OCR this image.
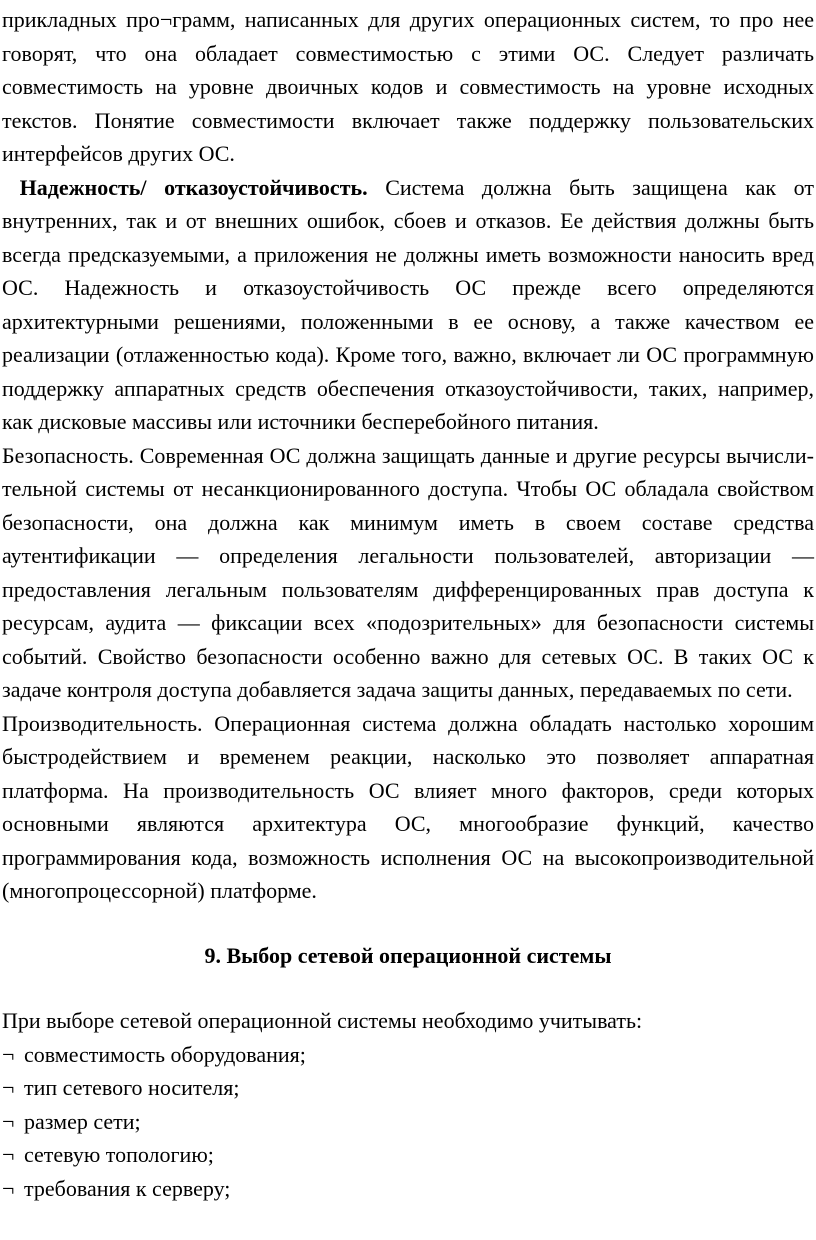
прикладных про¬грамм, написанных для других операционных систем, то про нее говорят, что она обладает совместимостью с этими ОС. Следует различать совместимость на уровне двоичных кодов и совместимость на уровне исходных текстов. Понятие совместимости включает также поддержку пользовательских интерфейсов других ОС.

Надежность/ отказоустойчивость. Система должна быть защищена как от внутренних, так и от внешних ошибок, сбоев и отказов. Ее действия должны быть всегда предсказуемыми, а приложения не должны иметь возможности наносить вред ОС. Надежность и отказоустойчивость ОС прежде всего определяются архитектурными решениями, положенными в ее основу, а также качеством ее реализации (отлаженностью кода). Кроме того, важно, включает ли ОС программную поддержку аппаратных средств обеспечения отказоустойчивости, таких, например, как дисковые массивы или источники бесперебойного питания.

Безопасность. Современная ОС должна защищать данные и другие ресурсы вычисли-тельной системы от несанкционированного доступа. Чтобы ОС обладала свойством безопасности, она должна как минимум иметь в своем составе средства аутентификации — определения легальности пользователей, авторизации — предоставления легальным пользователям дифференцированных прав доступа к ресурсам, аудита — фиксации всех «подозрительных» для безопасности системы событий. Свойство безопасности особенно важно для сетевых ОС. В таких ОС к задаче контроля доступа добавляется задача защиты данных, передаваемых по сети.

Производительность. Операционная система должна обладать настолько хорошим быстродействием и временем реакции, насколько это позволяет аппаратная платформа. На производительность ОС влияет много факторов, среди которых основными являются архитектура ОС, многообразие функций, качество программирования кода, возможность исполнения ОС на высокопроизводительной (многопроцессорной) платформе.

9. Выбор сетевой операционной системы

При выборе сетевой операционной системы необходимо учитывать:

¬ совместимость оборудования;
¬ тип сетевого носителя;
¬ размер сети;
¬ сетевую топологию;
¬ требования к серверу;
